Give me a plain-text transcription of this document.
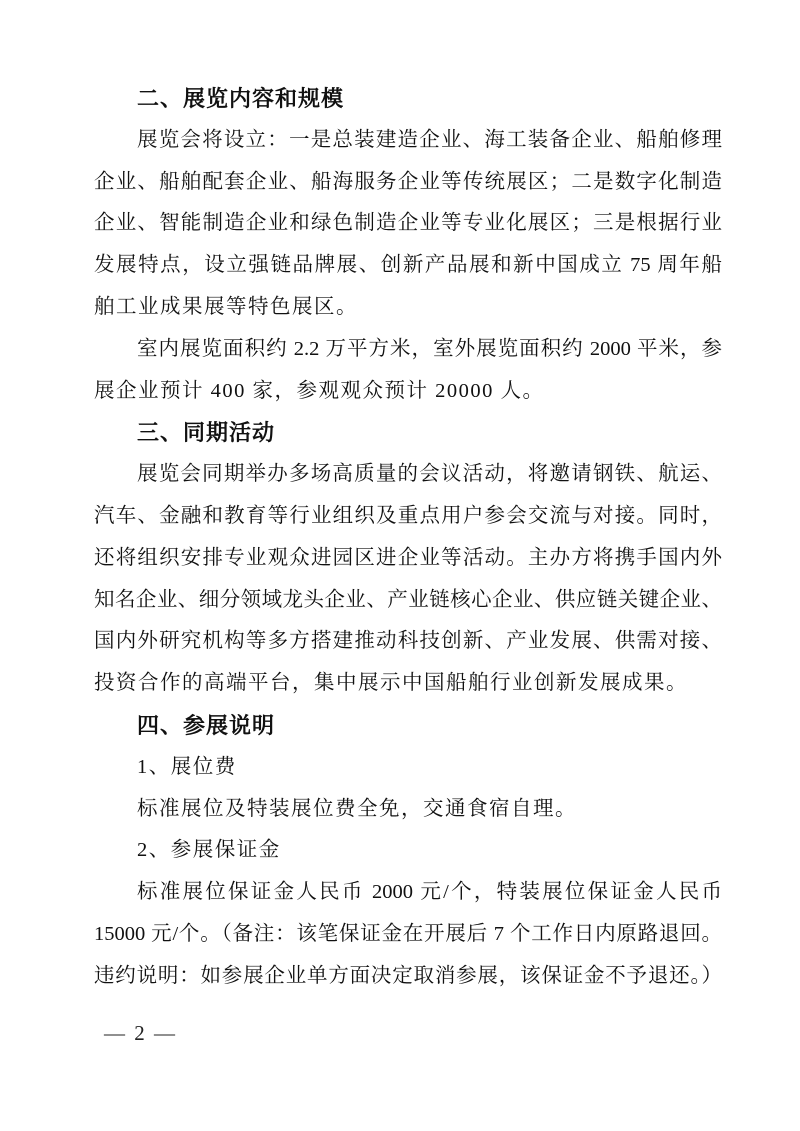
二、展览内容和规模
展览会将设立：一是总装建造企业、海工装备企业、船舶修理
企业、船舶配套企业、船海服务企业等传统展区；二是数字化制造
企业、智能制造企业和绿色制造企业等专业化展区；三是根据行业
发展特点，设立强链品牌展、创新产品展和新中国成立 75 周年船
舶工业成果展等特色展区。
室内展览面积约 2.2 万平方米，室外展览面积约 2000 平米，参
展企业预计 400 家，参观观众预计 20000 人。
三、同期活动
展览会同期举办多场高质量的会议活动，将邀请钢铁、航运、
汽车、金融和教育等行业组织及重点用户参会交流与对接。同时，
还将组织安排专业观众进园区进企业等活动。主办方将携手国内外
知名企业、细分领域龙头企业、产业链核心企业、供应链关键企业、
国内外研究机构等多方搭建推动科技创新、产业发展、供需对接、
投资合作的高端平台，集中展示中国船舶行业创新发展成果。
四、参展说明
1、展位费
标准展位及特装展位费全免，交通食宿自理。
2、参展保证金
标准展位保证金人民币 2000 元/个，特装展位保证金人民币
15000 元/个。（备注：该笔保证金在开展后 7 个工作日内原路退回。
违约说明：如参展企业单方面决定取消参展，该保证金不予退还。）
— 2 —
